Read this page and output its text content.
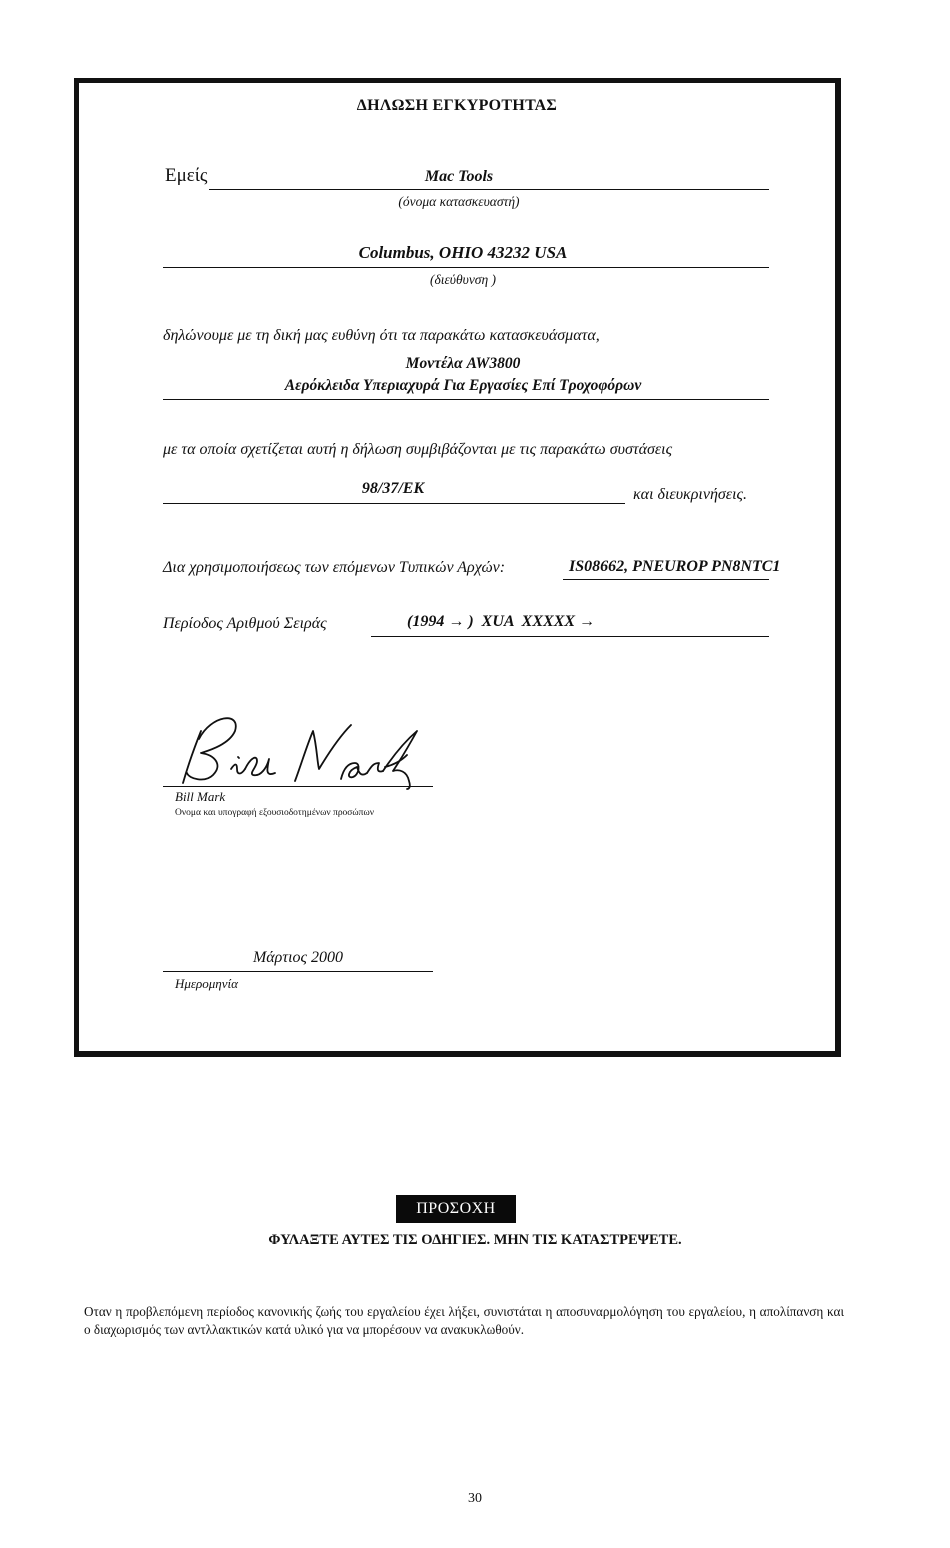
ΔΗΛΩΣΗ ΕΓΚΥΡΟΤΗΤΑΣ
Εμείς	Mac Tools
(όνομα κατασκευαστή)
Columbus, OHIO 43232 USA
(διεύθυνση )
δηλώνουμε με τη δική μας ευθύνη ότι τα παρακάτω κατασκευάσματα,
Μοντέλα AW3800
Αερόκλειδα Υπεριαχυρά Για Εργασίες Επί Τροχοφόρων
με τα οποία σχετίζεται αυτή η δήλωση συμβιβάζονται με τις παρακάτω συστάσεις
98/37/EK	και διευκρινήσεις.
Δια χρησιμοποιήσεως των επόμενων Τυπικών Αρχών:	IS08662, PNEUROP PN8NTC1
Περίοδος Αριθμού Σειράς	(1994 → )  XUA  XXXXX →
Bill Mark
Ονομα και υπογραφή εξουσιοδοτημένων προσώπων
Μάρτιος 2000
Ημερομηνία
ΠΡΟΣΟΧΗ
ΦΥΛΑΞΤΕ ΑΥΤΕΣ ΤΙΣ ΟΔΗΓΙΕΣ. ΜΗΝ ΤΙΣ ΚΑΤΑΣΤΡΕΨΕΤΕ.
Οταν η προβλεπόμενη περίοδος κανονικής ζωής του εργαλείου έχει λήξει, συνιστάται η αποσυναρμολόγηση του εργαλείου, η απολίπανση και ο διαχωρισμός των αντλλακτικών κατά υλικό για να μπορέσουν να ανακυκλωθούν.
30
